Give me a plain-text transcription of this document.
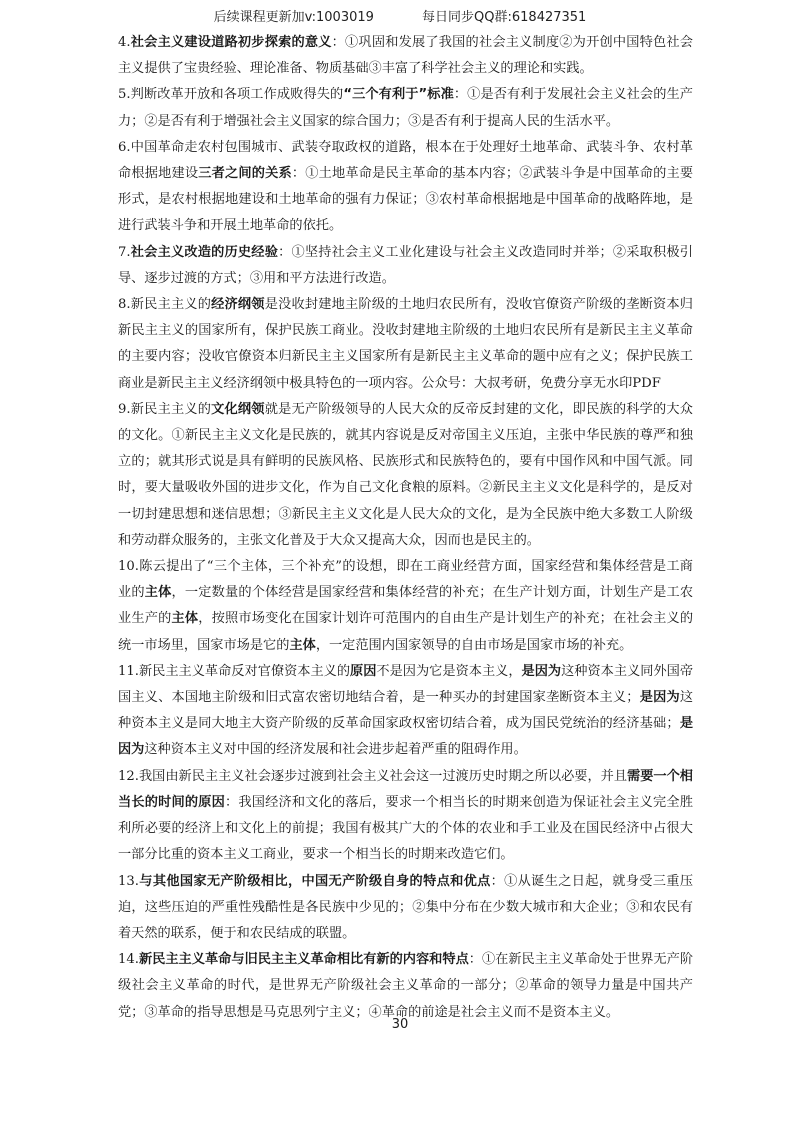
后续课程更新加v:1003019	每日同步QQ群:618427351

4.社会主义建设道路初步探索的意义：①巩固和发展了我国的社会主义制度②为开创中国特色社会主义提供了宝贵经验、理论准备、物质基础③丰富了科学社会主义的理论和实践。

5.判断改革开放和各项工作成败得失的“三个有利于”标准：①是否有利于发展社会主义社会的生产力；②是否有利于增强社会主义国家的综合国力；③是否有利于提高人民的生活水平。

6.中国革命走农村包围城市、武装夺取政权的道路，根本在于处理好土地革命、武装斗争、农村革命根据地建设三者之间的关系：①土地革命是民主革命的基本内容；②武装斗争是中国革命的主要形式，是农村根据地建设和土地革命的强有力保证；③农村革命根据地是中国革命的战略阵地，是进行武装斗争和开展土地革命的依托。

7.社会主义改造的历史经验：①坚持社会主义工业化建设与社会主义改造同时并举；②采取积极引导、逐步过渡的方式；③用和平方法进行改造。

8.新民主主义的经济纲领是没收封建地主阶级的土地归农民所有，没收官僚资产阶级的垄断资本归新民主主义的国家所有，保护民族工商业。没收封建地主阶级的土地归农民所有是新民主主义革命的主要内容；没收官僚资本归新民主主义国家所有是新民主主义革命的题中应有之义；保护民族工商业是新民主主义经济纲领中极具特色的一项内容。公众号：大叔考研，免费分享无水印PDF

9.新民主主义的文化纲领就是无产阶级领导的人民大众的反帝反封建的文化，即民族的科学的大众的文化。①新民主主义文化是民族的，就其内容说是反对帝国主义压迫，主张中华民族的尊严和独立的；就其形式说是具有鲜明的民族风格、民族形式和民族特色的，要有中国作风和中国气派。同时，要大量吸收外国的进步文化，作为自己文化食粮的原料。②新民主主义文化是科学的，是反对一切封建思想和迷信思想；③新民主主义文化是人民大众的文化，是为全民族中绝大多数工人阶级和劳动群众服务的，主张文化普及于大众又提高大众，因而也是民主的。

10.陈云提出了“三个主体，三个补充”的设想，即在工商业经营方面，国家经营和集体经营是工商业的主体，一定数量的个体经营是国家经营和集体经营的补充；在生产计划方面，计划生产是工农业生产的主体，按照市场变化在国家计划许可范围内的自由生产是计划生产的补充；在社会主义的统一市场里，国家市场是它的主体，一定范围内国家领导的自由市场是国家市场的补充。

11.新民主主义革命反对官僚资本主义的原因不是因为它是资本主义，是因为这种资本主义同外国帝国主义、本国地主阶级和旧式富农密切地结合着，是一种买办的封建国家垄断资本主义；是因为这种资本主义是同大地主大资产阶级的反革命国家政权密切结合着，成为国民党统治的经济基础；是因为这种资本主义对中国的经济发展和社会进步起着严重的阻碍作用。

12.我国由新民主主义社会逐步过渡到社会主义社会这一过渡历史时期之所以必要，并且需要一个相当长的时间的原因：我国经济和文化的落后，要求一个相当长的时期来创造为保证社会主义完全胜利所必要的经济上和文化上的前提；我国有极其广大的个体的农业和手工业及在国民经济中占很大一部分比重的资本主义工商业，要求一个相当长的时期来改造它们。

13.与其他国家无产阶级相比，中国无产阶级自身的特点和优点：①从诞生之日起，就身受三重压迫，这些压迫的严重性残酷性是各民族中少见的；②集中分布在少数大城市和大企业；③和农民有着天然的联系，便于和农民结成的联盟。

14.新民主主义革命与旧民主主义革命相比有新的内容和特点：①在新民主主义革命处于世界无产阶级社会主义革命的时代，是世界无产阶级社会主义革命的一部分；②革命的领导力量是中国共产党；③革命的指导思想是马克思列宁主义；④革命的前途是社会主义而不是资本主义。

30
